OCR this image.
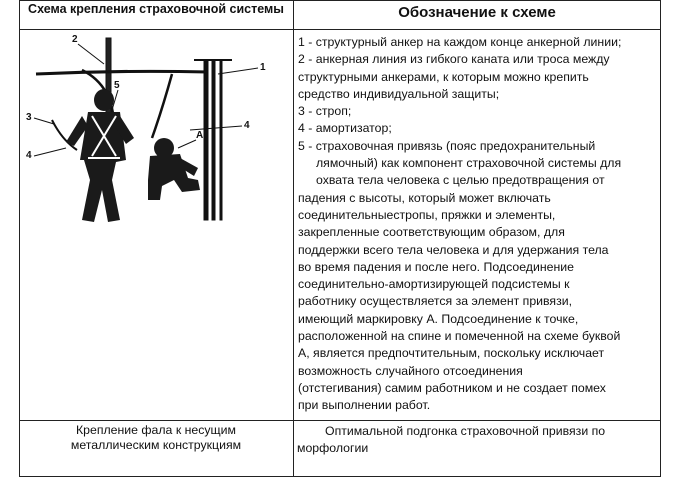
Схема крепления страховочной системы	Обозначение к схеме
2
1
3
5
4
А
4
1 - структурный анкер на каждом конце анкерной линии;
2 - анкерная линия из гибкого каната или троса между
структурными анкерами, к которым можно крепить
средство индивидуальной защиты;
3 - строп;
4 - амортизатор;
5 - страховочная привязь (пояс предохранительный
лямочный) как компонент страховочной системы для
охвата тела человека с целью предотвращения от
падения с высоты, который может включать
соединительныестропы, пряжки и элементы,
закрепленные соответствующим образом, для
поддержки всего тела человека и для удержания тела
во время падения и после него. Подсоединение
соединительно-амортизирующей подсистемы к
работнику осуществляется за элемент привязи,
имеющий маркировку А. Подсоединение к точке,
расположенной на спине и помеченной на схеме буквой
А, является предпочтительным, поскольку исключает
возможность случайного отсоединения
(отстегивания) самим работником и не создает помех
при выполнении работ.
Крепление фала к несущим
металлическим конструкциям
Оптимальной подгонка страховочной привязи по
морфологии
